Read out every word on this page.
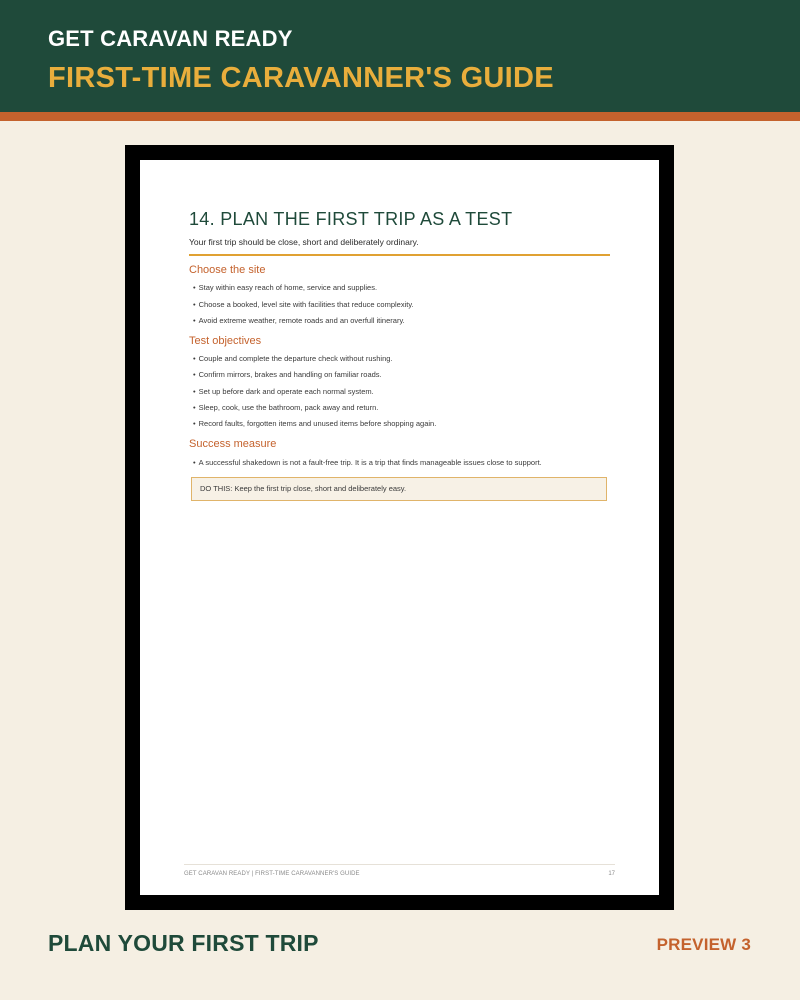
GET CARAVAN READY
FIRST-TIME CARAVANNER'S GUIDE
14. PLAN THE FIRST TRIP AS A TEST
Your first trip should be close, short and deliberately ordinary.
Choose the site
• Stay within easy reach of home, service and supplies.
• Choose a booked, level site with facilities that reduce complexity.
• Avoid extreme weather, remote roads and an overfull itinerary.
Test objectives
• Couple and complete the departure check without rushing.
• Confirm mirrors, brakes and handling on familiar roads.
• Set up before dark and operate each normal system.
• Sleep, cook, use the bathroom, pack away and return.
• Record faults, forgotten items and unused items before shopping again.
Success measure
• A successful shakedown is not a fault-free trip. It is a trip that finds manageable issues close to support.
DO THIS: Keep the first trip close, short and deliberately easy.
GET CARAVAN READY | FIRST-TIME CARAVANNER'S GUIDE	17
PLAN YOUR FIRST TRIP	PREVIEW 3
